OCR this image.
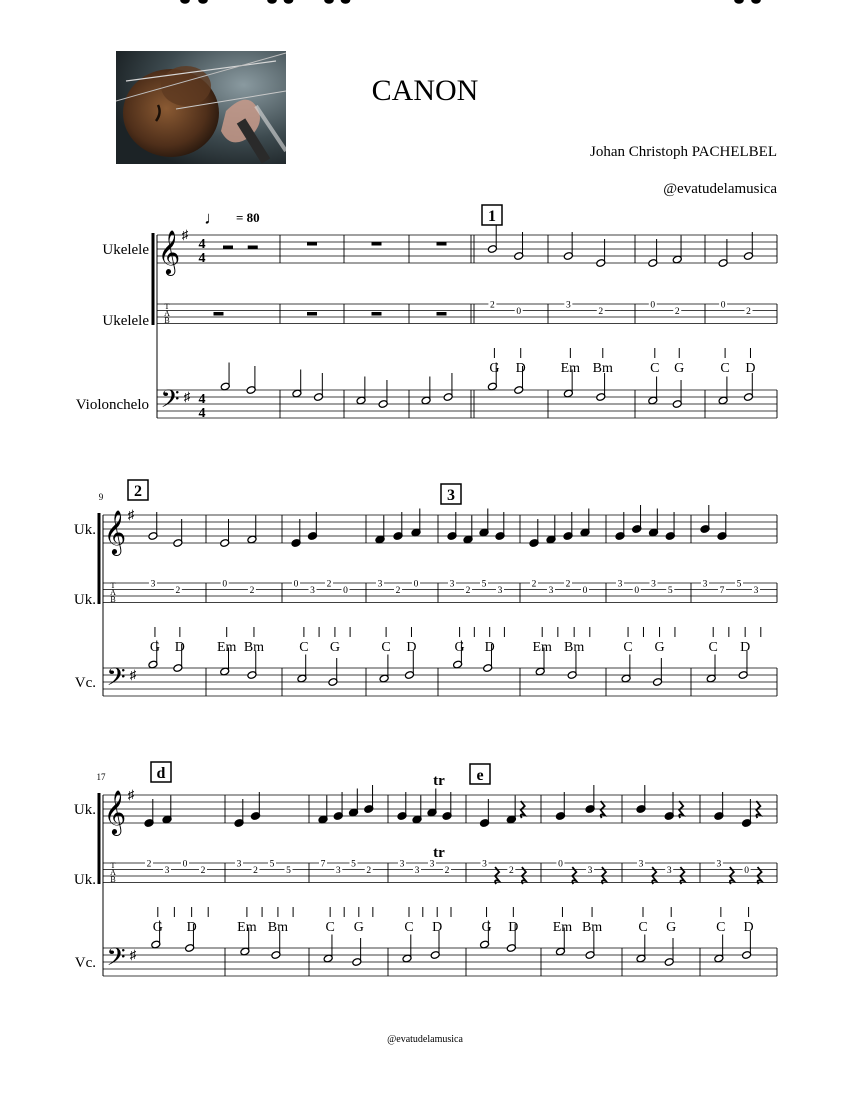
CANON
Johan Christoph PACHELBEL
@evatudelamusica
@evatudelamusica
Ukelele
Ukelele
Violonchelo
𝄞 ♯
T
A
B
𝄢 ♯
4
4
4
4
♩ = 80	1
G D
2
0
Em Bm
3
2
C G
0
2
C D
0
2
Uk.
Uk.
Vc.
𝄞 ♯
T
A
B
𝄢 ♯
9 2	3
G D
3
2
Em Bm
0
2
C G
0
3
2
0
C D
3
2
0
G D
3
2
5
3
Em Bm
2
3
2
0
C G
3
0
3
5
C D
3
7
5
3
Uk.
Uk.
Vc.
𝄞 ♯
T
A
B
𝄢 ♯
17	d	e
G D
2
3
0
2
Em Bm
3
2
5
5
C G
7
3
5
2
C D
3
3
3
2
G D
3
2
Em Bm
0
3
C G
3
3
C D
3
0
tr
tr
